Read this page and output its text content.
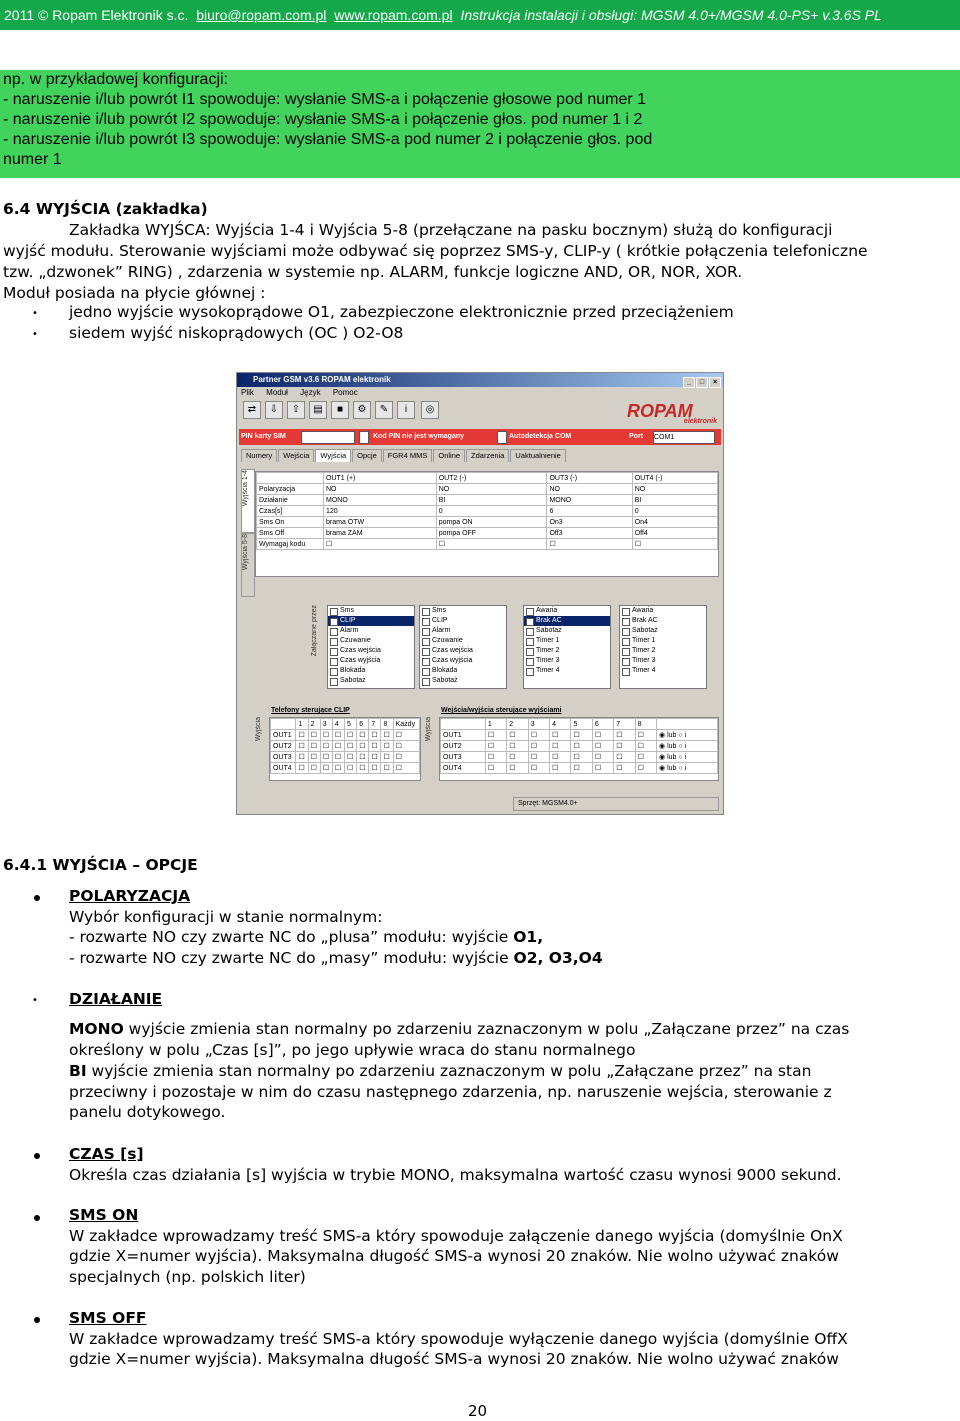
2011 © Ropam Elektronik s.c. biuro@ropam.com.pl www.ropam.com.pl Instrukcja instalacji i obsługi: MGSM 4.0+/MGSM 4.0-PS+ v.3.6S PL
np. w przykładowej konfiguracji:
- naruszenie i/lub powrót I1 spowoduje: wysłanie SMS-a i połączenie głosowe pod numer 1
- naruszenie i/lub powrót I2 spowoduje: wysłanie SMS-a i połączenie głos. pod numer 1 i 2
- naruszenie i/lub powrót I3 spowoduje: wysłanie SMS-a pod numer 2 i połączenie głos. pod
numer 1
6.4 WYJŚCIA (zakładka)
Zakładka WYJŚCA: Wyjścia 1-4 i Wyjścia 5-8 (przełączane na pasku bocznym) służą do konfiguracji
wyjść modułu. Sterowanie wyjściami może odbywać się poprzez SMS-y, CLIP-y ( krótkie połączenia telefoniczne
tzw. „dzwonek” RING) , zdarzenia w systemie np. ALARM, funkcje logiczne AND, OR, NOR, XOR.
Moduł posiada na płycie głównej :
• jedno wyjście wysokoprądowe O1, zabezpieczone elektronicznie przed przeciążeniem
• siedem wyjść niskoprądowych (OC ) O2-O8
Partner GSM v3.6 ROPAM elektronik	_ □ ×
Plik Moduł Język Pomoc
⇄	⇩	⇧	▤	■	⚙	✎	i	◎	ROPAM
elektronik
PIN karty SIM	Kod PIN nie jest wymagany	Autodetekcja COM	Port	COM1
Numery Wejścia Wyjścia Opcje FGR4 MMS Online Zdarzenia Uaktualnienie
Wyjścia 1-4
Wyjścia 5-8
	OUT1 (+)	OUT2 (-)	OUT3 (-)	OUT4 (-)
Polaryzacja	NO	NO	NO	NO
Działanie	MONO	BI	MONO	BI
Czas[s]	120	0	6	0
Sms On	brama OTW	pompa ON	On3	On4
Sms Off	brama ZAM	pompa OFF	Off3	Off4
Wymagaj kodu	☐	☐	☐	☐
Załączane przez	Sms
CLIP
Alarm
Czuwanie
Czas wejścia
Czas wyjścia
Blokada
Sabotaż
Sms
CLIP
Alarm
Czuwanie
Czas wejścia
Czas wyjścia
Blokada
Sabotaż
Awaria
Brak AC
Sabotaż
Timer 1
Timer 2
Timer 3
Timer 4
Awaria
Brak AC
Sabotaż
Timer 1
Timer 2
Timer 3
Timer 4
Wyjścia
Telefony sterujące CLIP
	1	2	3	4	5	6	7	8	Każdy
OUT1	☐	☐	☐	☐	☐	☐	☐	☐	☐
OUT2	☐	☐	☐	☐	☐	☐	☐	☐	☐
OUT3	☐	☐	☐	☐	☐	☐	☐	☐	☐
OUT4	☐	☐	☐	☐	☐	☐	☐	☐	☐
Wyjścia
Wejścia/wyjścia sterujące wyjściami
	1	2	3	4	5	6	7	8	
OUT1	☐	☐	☐	☐	☐	☐	☐	☐	◉ lub ○ i
OUT2	☐	☐	☐	☐	☐	☐	☐	☐	◉ lub ○ i
OUT3	☐	☐	☐	☐	☐	☐	☐	☐	◉ lub ○ i
OUT4	☐	☐	☐	☐	☐	☐	☐	☐	◉ lub ○ i
Sprzęt: MGSM4.0+
6.4.1 WYJŚCIA – OPCJE
POLARYZACJA
Wybór konfiguracji w stanie normalnym:
- rozwarte NO czy zwarte NC do „plusa” modułu: wyjście O1,
- rozwarte NO czy zwarte NC do „masy” modułu: wyjście O2, O3,O4
• DZIAŁANIE
MONO wyjście zmienia stan normalny po zdarzeniu zaznaczonym w polu „Załączane przez” na czas
określony w polu „Czas [s]”, po jego upływie wraca do stanu normalnego
BI wyjście zmienia stan normalny po zdarzeniu zaznaczonym w polu „Załączane przez” na stan
przeciwny i pozostaje w nim do czasu następnego zdarzenia, np. naruszenie wejścia, sterowanie z
panelu dotykowego.
CZAS [s]
Określa czas działania [s] wyjścia w trybie MONO, maksymalna wartość czasu wynosi 9000 sekund.
SMS ON
W zakładce wprowadzamy treść SMS-a który spowoduje załączenie danego wyjścia (domyślnie OnX
gdzie X=numer wyjścia). Maksymalna długość SMS-a wynosi 20 znaków. Nie wolno używać znaków
specjalnych (np. polskich liter)
SMS OFF
W zakładce wprowadzamy treść SMS-a który spowoduje wyłączenie danego wyjścia (domyślnie OffX
gdzie X=numer wyjścia). Maksymalna długość SMS-a wynosi 20 znaków. Nie wolno używać znaków
20
